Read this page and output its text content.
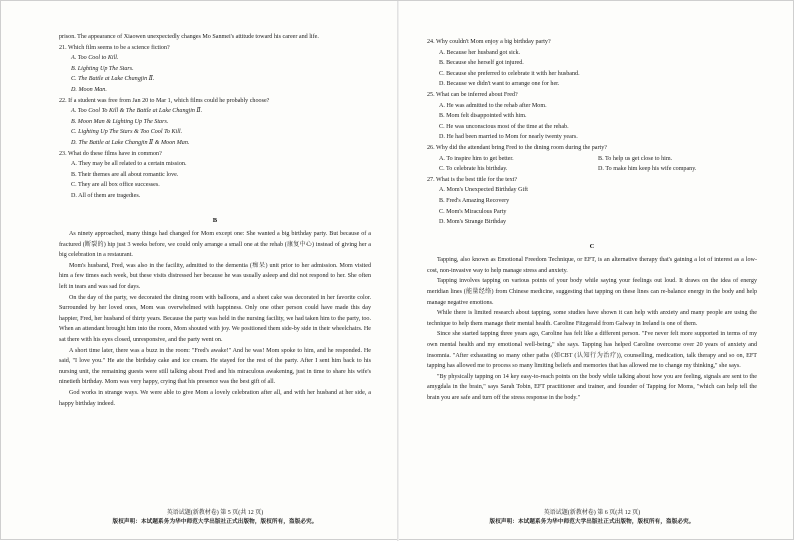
prison. The appearance of Xiaowen unexpectedly changes Mo Sanmei's attitude toward his career and life.

21. Which film seems to be a science fiction?

A. Too Cool to Kill.

B. Lighting Up The Stars.

C. The Battle at Lake Changjin Ⅱ.

D. Moon Man.

22. If a student was free from Jan 20 to Mar 1, which films could he probably choose?

A. Too Cool To Kill & The Battle at Lake Changjin Ⅱ.

B. Moon Man & Lighting Up The Stars.

C. Lighting Up The Stars & Too Cool To Kill.

D. The Battle at Lake Changjin Ⅱ & Moon Man.

23. What do these films have in common?

A. They may be all related to a certain mission.

B. Their themes are all about romantic love.

C. They are all box office successes.

D. All of them are tragedies.

B

As ninety approached, many things had changed for Mom except one: She wanted a big birthday party. But because of a fractured (断裂的) hip just 3 weeks before, we could only arrange a small one at the rehab (康复中心) instead of giving her a big celebration in a restaurant.

Mom's husband, Fred, was also in the facility, admitted to the dementia (痴呆) unit prior to her admission. Mom visited him a few times each week, but these visits distressed her because he was usually asleep and did not respond to her. She often left in tears and was sad for days.

On the day of the party, we decorated the dining room with balloons, and a sheet cake was decorated in her favorite color. Surrounded by her loved ones, Mom was overwhelmed with happiness. Only one other person could have made this day happier, Fred, her husband of thirty years. Because the party was held in the nursing facility, we had taken him to the party, too. When an attendant brought him into the room, Mom shouted with joy. We positioned them side-by side in their wheelchairs. He sat there with his eyes closed, unresponsive, and the party went on.

A short time later, there was a buzz in the room: "Fred's awake!" And he was! Mom spoke to him, and he responded. He said, "I love you." He ate the birthday cake and ice cream. He stayed for the rest of the party. After I sent him back to his nursing unit, the remaining guests were still talking about Fred and his miraculous awakening, just in time to share his wife's ninetieth birthday. Mom was very happy, crying that his presence was the best gift of all.

God works in strange ways. We were able to give Mom a lovely celebration after all, and with her husband at her side, a happy birthday indeed.

英语试题(新教材卷) 第 5 页(共 12 页)
版权声明：本试题系务为华中师范大学出版社正式出版物，版权所有，盗版必究。

24. Why couldn't Mom enjoy a big birthday party?

A. Because her husband got sick.

B. Because she herself got injured.

C. Because she preferred to celebrate it with her husband.

D. Because we didn't want to arrange one for her.

25. What can be inferred about Fred?

A. He was admitted to the rehab after Mom.

B. Mom felt disappointed with him.

C. He was unconscious most of the time at the rehab.

D. He had been married to Mom for nearly twenty years.

26. Why did the attendant bring Fred to the dining room during the party?

A. To inspire him to get better.	B. To help us get close to him.
C. To celebrate his birthday.	D. To make him keep his wife company.

27. What is the best title for the text?

A. Mom's Unexpected Birthday Gift

B. Fred's Amazing Recovery

C. Mom's Miraculous Party

D. Mom's Strange Birthday

C

Tapping, also known as Emotional Freedom Technique, or EFT, is an alternative therapy that's gaining a lot of interest as a low-cost, non-invasive way to help manage stress and anxiety.

Tapping involves tapping on various points of your body while saying your feelings out loud. It draws on the idea of energy meridian lines (能量经络) from Chinese medicine, suggesting that tapping on these lines can re-balance energy in the body and help manage negative emotions.

While there is limited research about tapping, some studies have shown it can help with anxiety and many people are using the technique to help them manage their mental health. Caroline Fitzgerald from Galway in Ireland is one of them.

Since she started tapping three years ago, Caroline has felt like a different person. "I've never felt more supported in terms of my own mental health and my emotional well-being," she says. Tapping has helped Caroline overcome over 20 years of anxiety and insomnia. "After exhausting so many other paths (如CBT (认知行为治疗)), counselling, medication, talk therapy and so on, EFT tapping has allowed me to process so many limiting beliefs and memories that has allowed me to change my thinking," she says.

"By physically tapping on 14 key easy-to-reach points on the body while talking about how you are feeling, signals are sent to the amygdala in the brain," says Sarah Tobin, EFT practitioner and trainer, and founder of Tapping for Moms, "which can help tell the brain you are safe and turn off the stress response in the body."

英语试题(新教材卷) 第 6 页(共 12 页)
版权声明：本试题系务为华中师范大学出版社正式出版物，版权所有，盗版必究。
